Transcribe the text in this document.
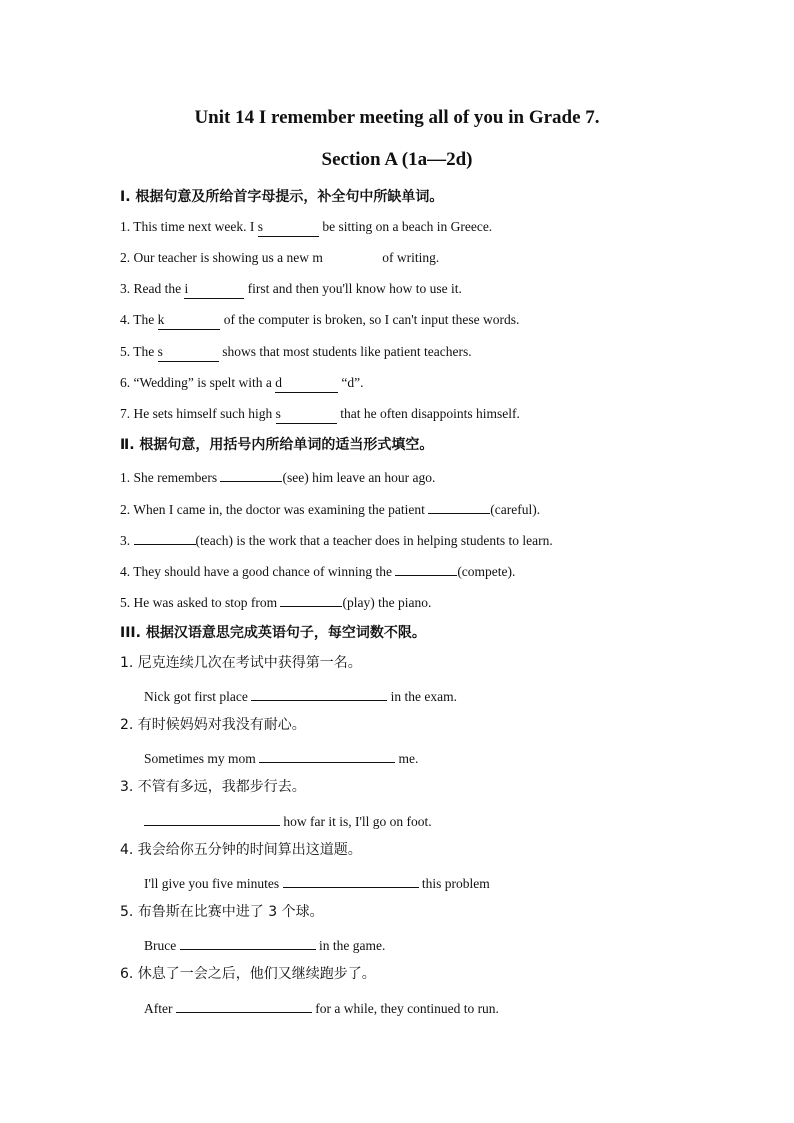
Unit 14 I remember meeting all of you in Grade 7.
Section A (1a—2d)
Ⅰ. 根据句意及所给首字母提示，补全句中所缺单词。
1. This time next week. I s	be sitting on a beach in Greece.
2. Our teacher is showing us a new m	of writing.
3. Read the i	first and then you'll know how to use it.
4. The k	of the computer is broken, so I can't input these words.
5. The s	shows that most students like patient teachers.
6. “Wedding” is spelt with a d	“d”.
7. He sets himself such high s	that he often disappoints himself.
Ⅱ. 根据句意，用括号内所给单词的适当形式填空。
1. She remembers	(see) him leave an hour ago.
2. When I came in, the doctor was examining the patient	(careful).
3.	(teach) is the work that a teacher does in helping students to learn.
4. They should have a good chance of winning the	(compete).
5. He was asked to stop from	(play) the piano.
III. 根据汉语意思完成英语句子，每空词数不限。
1. 尼克连续几次在考试中获得第一名。
Nick got first place	in the exam.
2. 有时候妈妈对我没有耐心。
Sometimes my mom	me.
3. 不管有多远，我都步行去。
how far it is, I'll go on foot.
4. 我会给你五分钟的时间算出这道题。
I'll give you five minutes	this problem
5. 布鲁斯在比赛中进了 3 个球。
Bruce	in the game.
6. 休息了一会之后，他们又继续跑步了。
After	for a while, they continued to run.
